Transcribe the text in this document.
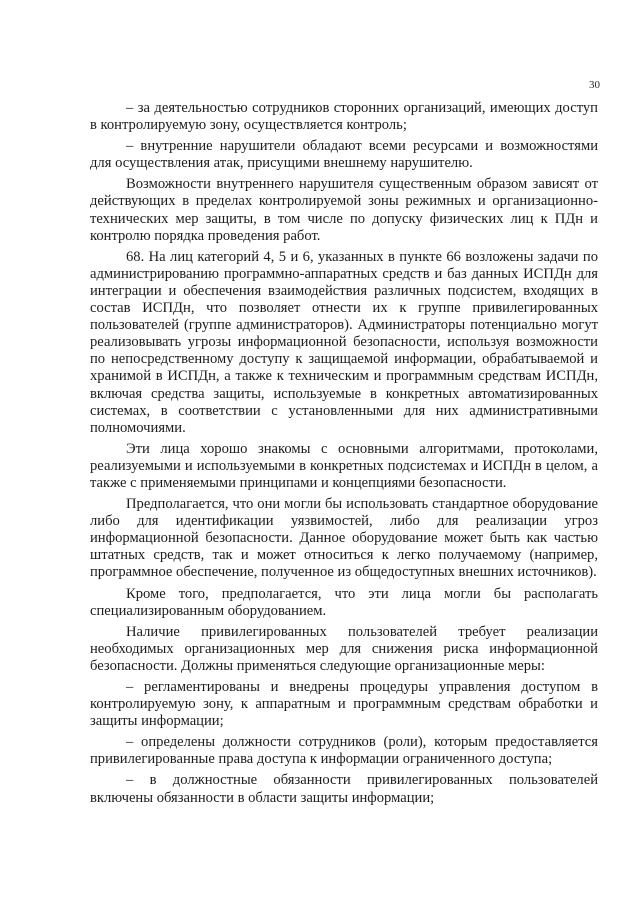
30

– за деятельностью сотрудников сторонних организаций, имеющих доступ в контролируемую зону, осуществляется контроль;

– внутренние нарушители обладают всеми ресурсами и возможностями для осуществления атак, присущими внешнему нарушителю.

Возможности внутреннего нарушителя существенным образом зависят от действующих в пределах контролируемой зоны режимных и организационно-технических мер защиты, в том числе по допуску физических лиц к ПДн и контролю порядка проведения работ.

68. На лиц категорий 4, 5 и 6, указанных в пункте 66 возложены задачи по администрированию программно-аппаратных средств и баз данных ИСПДн для интеграции и обеспечения взаимодействия различных подсистем, входящих в состав ИСПДн, что позволяет отнести их к группе привилегированных пользователей (группе администраторов). Администраторы потенциально могут реализовывать угрозы информационной безопасности, используя возможности по непосредственному доступу к защищаемой информации, обрабатываемой и хранимой в ИСПДн, а также к техническим и программным средствам ИСПДн, включая средства защиты, используемые в конкретных автоматизированных системах, в соответствии с установленными для них административными полномочиями.

Эти лица хорошо знакомы с основными алгоритмами, протоколами, реализуемыми и используемыми в конкретных подсистемах и ИСПДн в целом, а также с применяемыми принципами и концепциями безопасности.

Предполагается, что они могли бы использовать стандартное оборудование либо для идентификации уязвимостей, либо для реализации угроз информационной безопасности. Данное оборудование может быть как частью штатных средств, так и может относиться к легко получаемому (например, программное обеспечение, полученное из общедоступных внешних источников).

Кроме того, предполагается, что эти лица могли бы располагать специализированным оборудованием.

Наличие привилегированных пользователей требует реализации необходимых организационных мер для снижения риска информационной безопасности. Должны применяться следующие организационные меры:

– регламентированы и внедрены процедуры управления доступом в контролируемую зону, к аппаратным и программным средствам обработки и защиты информации;

– определены должности сотрудников (роли), которым предоставляется привилегированные права доступа к информации ограниченного доступа;

– в должностные обязанности привилегированных пользователей включены обязанности в области защиты информации;
